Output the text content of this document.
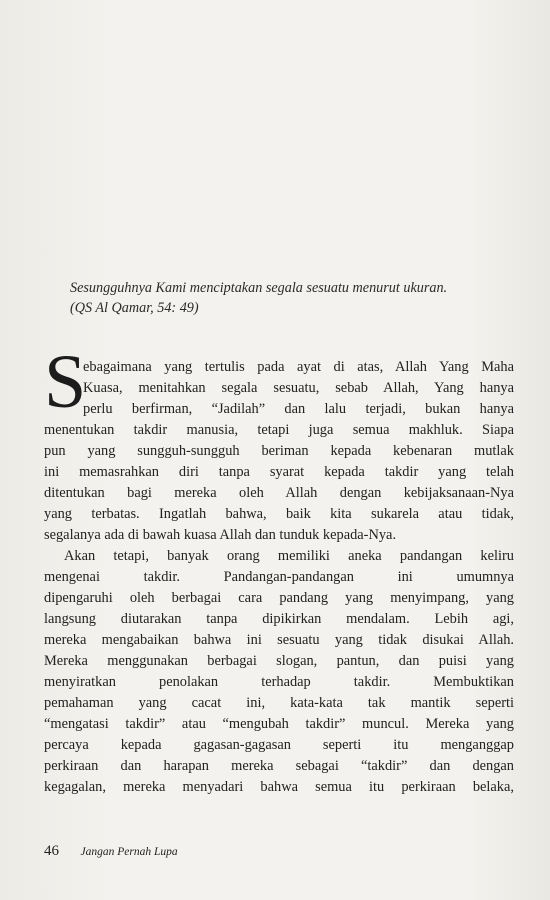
Sesungguhnya Kami menciptakan segala sesuatu menurut ukuran.
(QS Al Qamar, 54: 49)
S
ebagaimana yang tertulis pada ayat di atas, Allah Yang Maha
Kuasa, menitahkan segala sesuatu, sebab Allah, Yang hanya
perlu berfirman, “Jadilah” dan lalu terjadi, bukan hanya
menentukan takdir manusia, tetapi juga semua makhluk. Siapa
pun yang sungguh-sungguh beriman kepada kebenaran mutlak
ini memasrahkan diri tanpa syarat kepada takdir yang telah
ditentukan bagi mereka oleh Allah dengan kebijaksanaan-Nya
yang terbatas. Ingatlah bahwa, baik kita sukarela atau tidak,
segalanya ada di bawah kuasa Allah dan tunduk kepada-Nya.
Akan tetapi, banyak orang memiliki aneka pandangan keliru
mengenai takdir. Pandangan-pandangan ini umumnya
dipengaruhi oleh berbagai cara pandang yang menyimpang, yang
langsung diutarakan tanpa dipikirkan mendalam. Lebih agi,
mereka mengabaikan bahwa ini sesuatu yang tidak disukai Allah.
Mereka menggunakan berbagai slogan, pantun, dan puisi yang
menyiratkan penolakan terhadap takdir. Membuktikan
pemahaman yang cacat ini, kata-kata tak mantik seperti
“mengatasi takdir” atau “mengubah takdir” muncul. Mereka yang
percaya kepada gagasan-gagasan seperti itu menganggap
perkiraan dan harapan mereka sebagai “takdir” dan dengan
kegagalan, mereka menyadari bahwa semua itu perkiraan belaka,
46 Jangan Pernah Lupa
